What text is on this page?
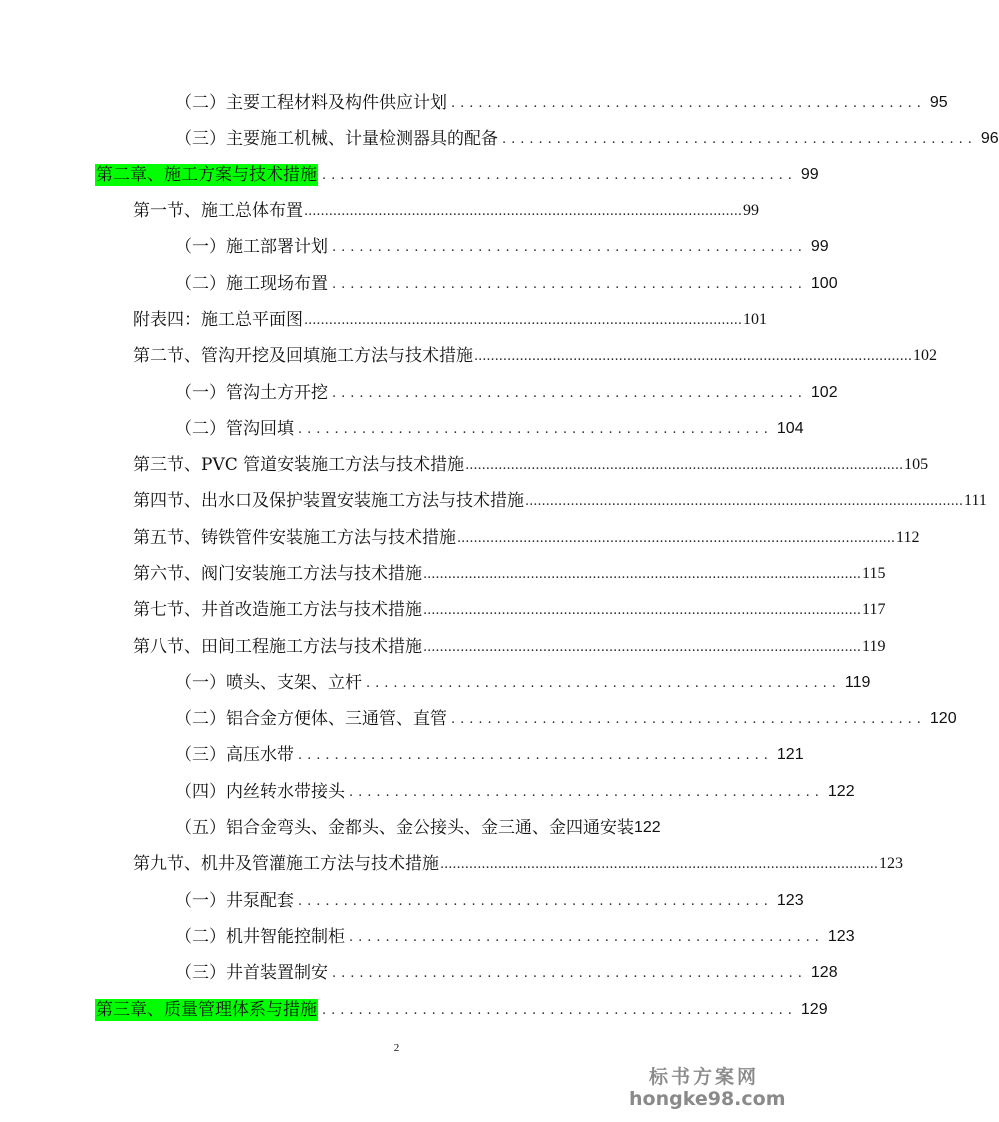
（二）主要工程材料及构件供应计划 .................................................... 95
（三）主要施工机械、计量检测器具的配备 .................................................... 96
第二章、施工方案与技术措施 .................................................... 99
第一节、施工总体布置 .......................................................................................................... 99
（一）施工部署计划 .................................................... 99
（二）施工现场布置 .................................................... 100
附表四：施工总平面图 .......................................................................................................... 101
第二节、管沟开挖及回填施工方法与技术措施 .......................................................................................................... 102
（一）管沟土方开挖 .................................................... 102
（二）管沟回填 .................................................... 104
第三节、PVC 管道安装施工方法与技术措施 .......................................................................................................... 105
第四节、出水口及保护装置安装施工方法与技术措施 .......................................................................................................... 111
第五节、铸铁管件安装施工方法与技术措施 .......................................................................................................... 112
第六节、阀门安装施工方法与技术措施 .......................................................................................................... 115
第七节、井首改造施工方法与技术措施 .......................................................................................................... 117
第八节、田间工程施工方法与技术措施 .......................................................................................................... 119
（一）喷头、支架、立杆 .................................................... 119
（二）铝合金方便体、三通管、直管 .................................................... 120
（三）高压水带 .................................................... 121
（四）内丝转水带接头 .................................................... 122
（五）铝合金弯头、金都头、金公接头、金三通、金四通安装 122
第九节、机井及管灌施工方法与技术措施 .......................................................................................................... 123
（一）井泵配套 .................................................... 123
（二）机井智能控制柜 .................................................... 123
（三）井首装置制安 .................................................... 128
第三章、质量管理体系与措施 .................................................... 129
2
标书方案网
hongke98.com
